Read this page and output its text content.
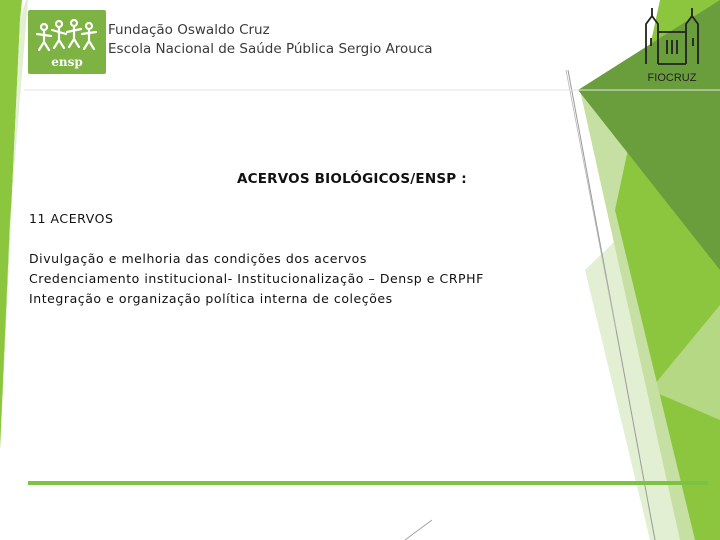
ensp
Fundação Oswaldo Cruz
Escola Nacional de Saúde Pública Sergio Arouca
FIOCRUZ
ACERVOS BIOLÓGICOS/ENSP :
11 ACERVOS
Divulgação e melhoria das condições dos acervos
Credenciamento institucional- Institucionalização – Densp e CRPHF
Integração e organização política interna de coleções
